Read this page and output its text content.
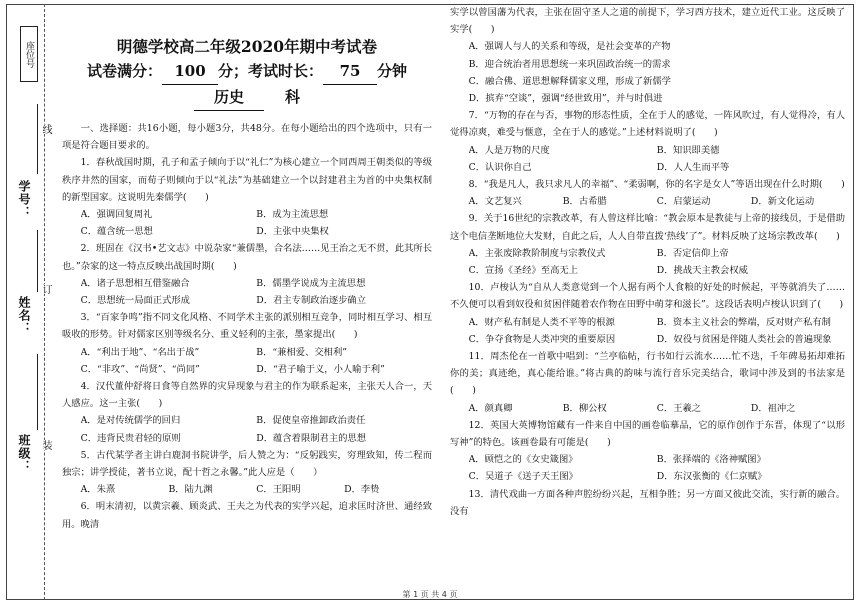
座位号
学号：
姓名：
班级：
线
订
装
明德学校高二年级2020年期中考试卷
试卷满分： 100 分；考试时长： 75 分钟
历史	科

一、选择题：共16小题，每小题3分，共48分。在每小题给出的四个选项中，只有一项是符合题目要求的。

1．春秋战国时期，孔子和孟子倾向于以“礼仁”为核心建立一个同西周王朝类似的等级秩序井然的国家，而荀子则倾向于以“礼法”为基础建立一个以封建君主为首的中央集权制的新型国家。这说明先秦儒学(　　)

A．强调回复周礼	B．成为主流思想
C．蕴含统一思想	D．主张中央集权

2．班固在《汉书•艺文志》中说杂家“兼儒墨，合名法……见王治之无不贯，此其所长也。”杂家的这一特点反映出战国时期(　　)

A．诸子思想相互借鉴融合	B．儒墨学说成为主流思想
C．思想统一局面正式形成	D．君主专制政治逐步确立

3．“百家争鸣”指不同文化风格、不同学术主张的派别相互竞争，同时相互学习、相互吸收的形势。针对儒家区别等级名分、重义轻利的主张，墨家提出(　　)

A．“利出于地”、“名出于战”	B．“兼相爱、交相利”
C．“非攻”、“尚贤”、“尚同”	D．“君子喻于义，小人喻于利”

4．汉代董仲舒将日食等自然界的灾异现象与君主的作为联系起来，主张天人合一，天人感应。这一主张(　　)

A．是对传统儒学的回归	B．促使皇帝推卸政治责任
C．违背民贵君轻的原则	D．蕴含着限制君主的思想

5．古代某学者主讲白鹿洞书院讲学，后人赞之为：“反躬践实，穷理致知，传二程而独宗；讲学授徒，著书立说，配十哲之永馨。”此人应是（　　）

A．朱熹	B．陆九渊	C．王阳明	D．李贽

6．明末清初，以黄宗羲、顾炎武、王夫之为代表的实学兴起，追求匡时济世、通经致用。晚清

实学以曾国藩为代表，主张在固守圣人之道的前提下，学习西方技术，建立近代工业。这反映了实学(　　)

A．强调人与人的关系和等级，是社会变革的产物
B．迎合统治者用思想统一来巩固政治统一的需求
C．融合佛、道思想解释儒家义理，形成了新儒学
D．摈弃“空谈”，强调“经世致用”，并与时俱进

7．“万物的存在与否，事物的形态性质，全在于人的感觉，一阵风吹过，有人觉得冷，有人觉得凉爽，难受与惬意，全在于人的感觉。”上述材料说明了(　　)

A．人是万物的尺度	B．知识即美德
C．认识你自己	D．人人生而平等

8．“我是凡人，我只求凡人的幸福”、“柔弱啊，你的名字是女人”等语出现在什么时期(　　)

A．文艺复兴	B．古希腊	C．启蒙运动	D．新文化运动

9．关于16世纪的宗教改革，有人曾这样比喻：“教会原本是教徒与上帝的接线员，于是借助这个电信垄断地位大发财，自此之后，人人自带直拨‘热线’了”。材料反映了这场宗教改革(　　)

A．主张废除教阶制度与宗教仪式	B．否定信仰上帝
C．宣扬《圣经》至高无上	D．挑战天主教会权威

10．卢梭认为“自从人类意觉到一个人据有两个人食粮的好处的时候起，平等就消失了……不久便可以看到奴役和贫困伴随着农作物在田野中萌芽和滋长”。这段话表明卢梭认识到了(　　)

A．财产私有制是人类不平等的根源	B．资本主义社会的弊端，反对财产私有制
C．争夺食物是人类冲突的重要原因	D．奴役与贫困是伴随人类社会的普遍现象

11．周杰伦在一首歌中唱到：“兰亭临帖，行书如行云流水……忙不迭，千年碑易拓却难拓你的美；真迹绝，真心能给谁。”将古典的韵味与流行音乐完美结合，歌词中涉及到的书法家是(　　)

A．颜真卿	B．柳公权	C．王羲之	D．祖冲之

12．英国大英博物馆藏有一件来自中国的画卷临摹品，它的原作创作于东晋，体现了“以形写神”的特色。该画卷最有可能是(　　)

A．顾恺之的《女史箴图》	B．张择端的《洛神赋图》
C．吴道子《送子天王图》	D．东汉张衡的《仁京赋》

13．清代戏曲一方面各种声腔纷纷兴起，互相争胜；另一方面又彼此交流，实行新的融合。没有

第 1 页 共 4 页
